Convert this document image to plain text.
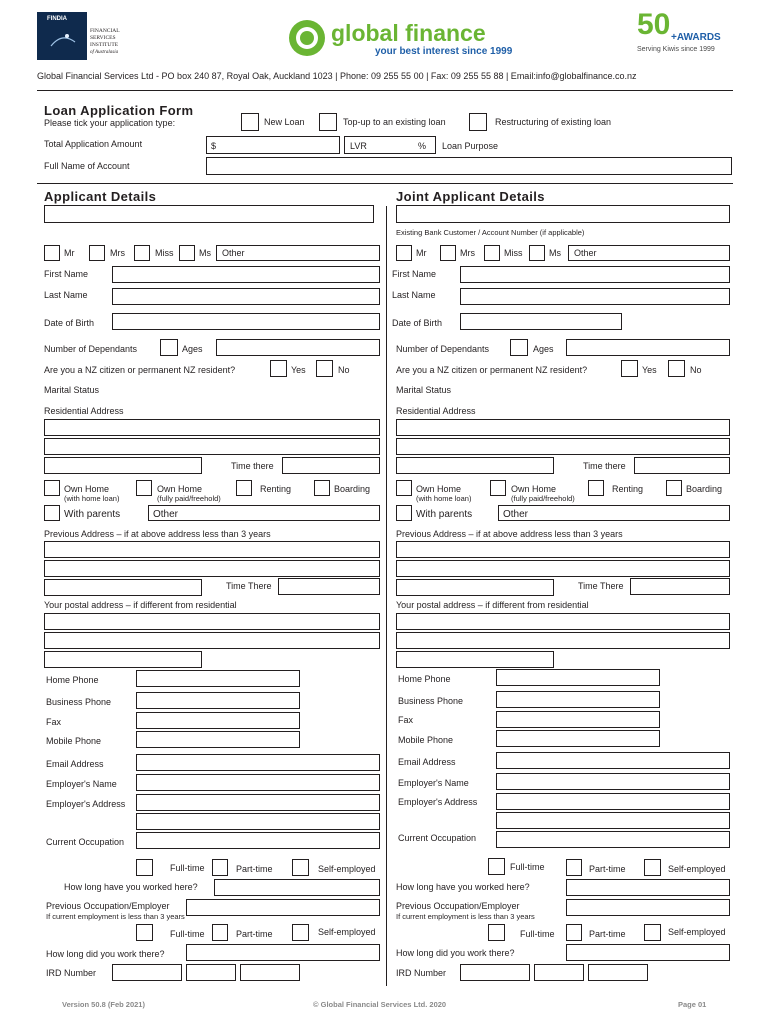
FINDIA
FINANCIAL
SERVICES
INSTITUTE
of Australasia
global finance
your best interest since 1999
50 +AWARDS
Serving Kiwis since 1999
Global Financial Services Ltd - PO box 240 87, Royal Oak, Auckland 1023 | Phone: 09 255 55 00 | Fax: 09 255 55 88 | Email:info@globalfinance.co.nz
Loan Application Form
Please tick your application type:	New Loan	Top-up to an existing loan	Restructuring of existing loan
Total Application Amount	$	LVR	% Loan Purpose
Full Name of Account
Applicant Details	Joint Applicant Details
Existing Bank Customer / Account Number (if applicable)
Mr	Mrs	Miss	Ms Other
First Name
Last Name
Date of Birth
Number of Dependants	Ages
Are you a NZ citizen or permanent NZ resident?	Yes	No
Marital Status
Residential Address
Time there
Own Home
(with home loan)
Own Home
(fully paid/freehold)
Renting	Boarding
With parents	Other
Previous Address – if at above address less than 3 years
Time There
Your postal address – if different from residential
Home Phone
Business Phone
Fax
Mobile Phone
Email Address
Employer's Name
Employer's Address
Current Occupation
Full-time	Part-time	Self-employed
How long have you worked here?
Previous Occupation/Employer
If current employment is less than 3 years
Full-time	Part-time	Self-employed
How long did you work there?
IRD Number
Mr	Mrs	Miss	Ms Other
First Name
Last Name
Date of Birth
Number of Dependants	Ages
Are you a NZ citizen or permanent NZ resident?	Yes	No
Marital Status
Residential Address
Time there
Own Home
(with home loan)
Own Home
(fully paid/freehold)
Renting	Boarding
With parents	Other
Previous Address – if at above address less than 3 years
Time There
Your postal address – if different from residential
Home Phone
Business Phone
Fax
Mobile Phone
Email Address
Employer's Name
Employer's Address
Current Occupation
Full-time	Part-time	Self-employed
How long have you worked here?
Previous Occupation/Employer
If current employment is less than 3 years
Full-time	Part-time	Self-employed
How long did you work there?
IRD Number
Version 50.8 (Feb 2021)	© Global Financial Services Ltd. 2020	Page 01
